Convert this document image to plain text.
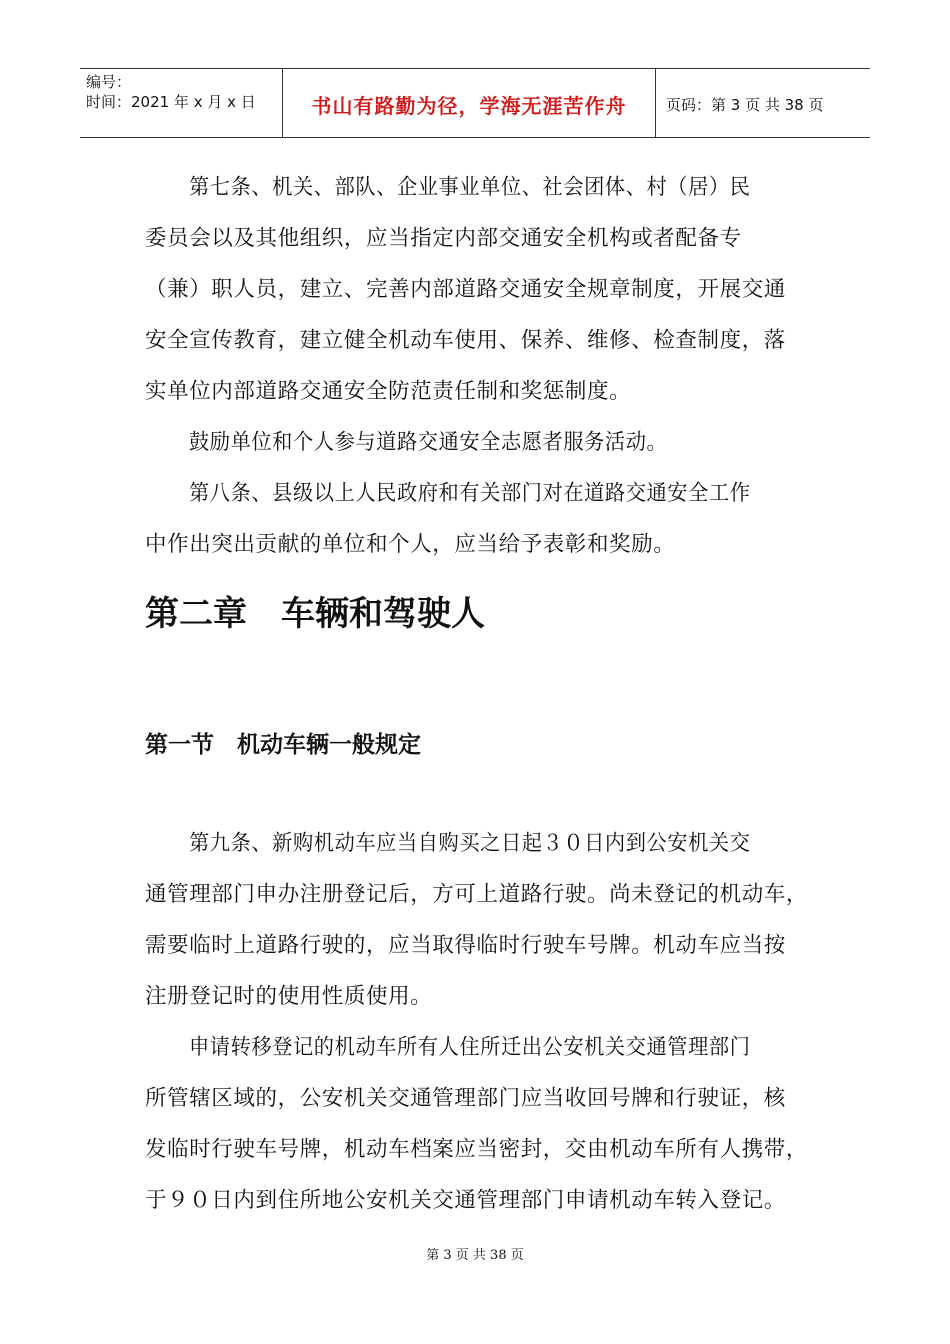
编号：
时间：2021 年 x 月 x 日	书山有路勤为径，学海无涯苦作舟	页码：第 3 页 共 38 页
第七条、机关、部队、企业事业单位、社会团体、村（居）民
委员会以及其他组织，应当指定内部交通安全机构或者配备专
（兼）职人员，建立、完善内部道路交通安全规章制度，开展交通
安全宣传教育，建立健全机动车使用、保养、维修、检查制度，落
实单位内部道路交通安全防范责任制和奖惩制度。
鼓励单位和个人参与道路交通安全志愿者服务活动。
第八条、县级以上人民政府和有关部门对在道路交通安全工作
中作出突出贡献的单位和个人，应当给予表彰和奖励。
第二章　车辆和驾驶人
第一节　机动车辆一般规定
第九条、新购机动车应当自购买之日起３０日内到公安机关交
通管理部门申办注册登记后，方可上道路行驶。尚未登记的机动车，
需要临时上道路行驶的，应当取得临时行驶车号牌。机动车应当按
注册登记时的使用性质使用。
申请转移登记的机动车所有人住所迁出公安机关交通管理部门
所管辖区域的，公安机关交通管理部门应当收回号牌和行驶证，核
发临时行驶车号牌，机动车档案应当密封，交由机动车所有人携带，
于９０日内到住所地公安机关交通管理部门申请机动车转入登记。
第 3 页 共 38 页
